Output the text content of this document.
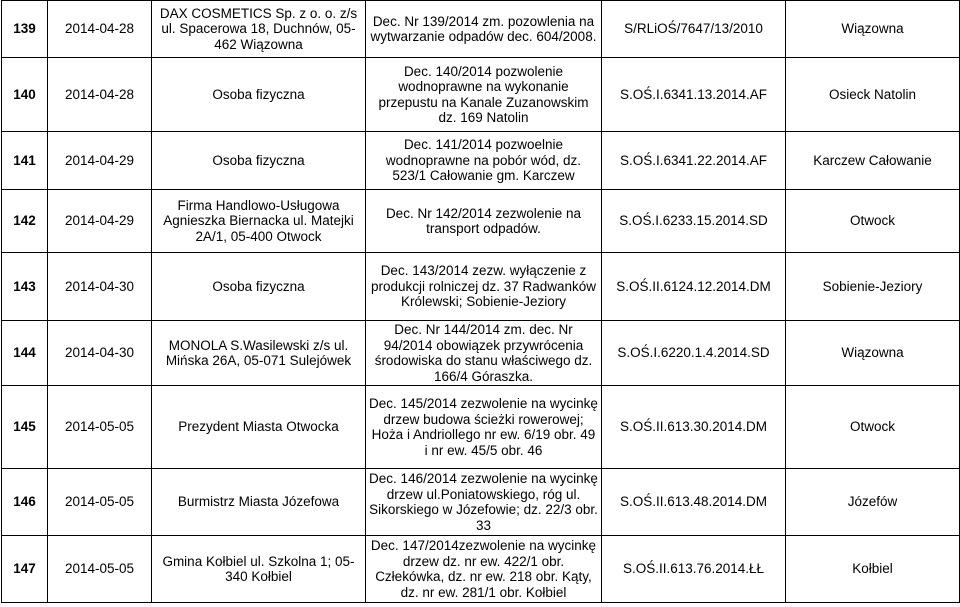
139	2014-04-28	DAX COSMETICS Sp. z o. o. z/s ul. Spacerowa 18, Duchnów, 05-462 Wiązowna	Dec. Nr 139/2014 zm. pozowlenia na wytwarzanie odpadów dec. 604/2008.	S/RLiOŚ/7647/13/2010	Wiązowna
140	2014-04-28	Osoba fizyczna	Dec. 140/2014 pozwolenie wodnoprawne na wykonanie przepustu na Kanale Zuzanowskim dz. 169 Natolin	S.OŚ.I.6341.13.2014.AF	Osieck Natolin
141	2014-04-29	Osoba fizyczna	Dec. 141/2014 pozwoelnie wodnoprawne na pobór wód, dz. 523/1 Całowanie gm. Karczew	S.OŚ.I.6341.22.2014.AF	Karczew Całowanie
142	2014-04-29	Firma Handlowo-Usługowa Agnieszka Biernacka ul. Matejki 2A/1, 05-400 Otwock	Dec. Nr 142/2014 zezwolenie na transport odpadów.	S.OŚ.I.6233.15.2014.SD	Otwock
143	2014-04-30	Osoba fizyczna	Dec. 143/2014 zezw. wyłączenie z produkcji rolniczej dz. 37 Radwanków Królewski; Sobienie-Jeziory	S.OŚ.II.6124.12.2014.DM	Sobienie-Jeziory
144	2014-04-30	MONOLA S.Wasilewski z/s ul. Mińska 26A, 05-071 Sulejówek	Dec. Nr 144/2014 zm. dec. Nr 94/2014 obowiązek przywrócenia środowiska do stanu właściwego dz. 166/4 Góraszka.	S.OŚ.I.6220.1.4.2014.SD	Wiązowna
145	2014-05-05	Prezydent Miasta Otwocka	Dec. 145/2014 zezwolenie na wycinkę drzew budowa ścieżki rowerowej; Hoża i Andriollego nr ew. 6/19 obr. 49 i nr ew. 45/5 obr. 46	S.OŚ.II.613.30.2014.DM	Otwock
146	2014-05-05	Burmistrz Miasta Józefowa	Dec. 146/2014 zezwolenie na wycinkę drzew ul.Poniatowskiego, róg ul. Sikorskiego w Józefowie; dz. 22/3 obr. 33	S.OŚ.II.613.48.2014.DM	Józefów
147	2014-05-05	Gmina Kołbiel ul. Szkolna 1; 05-340 Kołbiel	Dec. 147/2014zezwolenie na wycinkę drzew dz. nr ew. 422/1 obr. Człekówka, dz. nr ew. 218 obr. Kąty, dz. nr ew. 281/1 obr. Kołbiel	S.OŚ.II.613.76.2014.ŁŁ	Kołbiel
